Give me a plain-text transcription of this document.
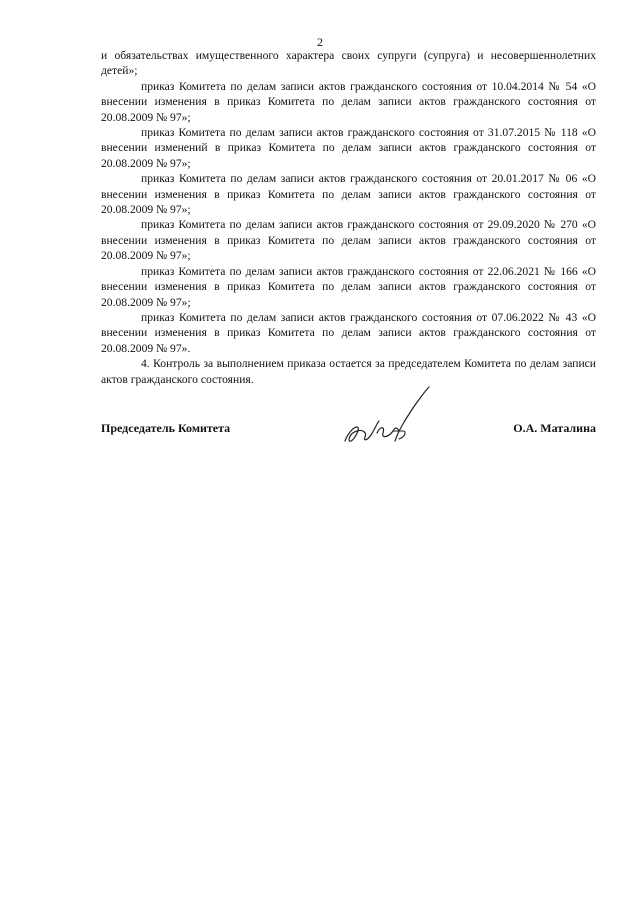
2

и обязательствах имущественного характера своих супруги (супруга) и несовершеннолетних детей»;

приказ Комитета по делам записи актов гражданского состояния от 10.04.2014 № 54 «О внесении изменения в приказ Комитета по делам записи актов гражданского состояния от 20.08.2009 № 97»;

приказ Комитета по делам записи актов гражданского состояния от 31.07.2015 № 118 «О внесении изменений в приказ Комитета по делам записи актов гражданского состояния от 20.08.2009 № 97»;

приказ Комитета по делам записи актов гражданского состояния от 20.01.2017 № 06 «О внесении изменения в приказ Комитета по делам записи актов гражданского состояния от 20.08.2009 № 97»;

приказ Комитета по делам записи актов гражданского состояния от 29.09.2020 № 270 «О внесении изменения в приказ Комитета по делам записи актов гражданского состояния от 20.08.2009 № 97»;

приказ Комитета по делам записи актов гражданского состояния от 22.06.2021 № 166 «О внесении изменения в приказ Комитета по делам записи актов гражданского состояния от 20.08.2009 № 97»;

приказ Комитета по делам записи актов гражданского состояния от 07.06.2022 № 43 «О внесении изменения в приказ Комитета по делам записи актов гражданского состояния от 20.08.2009 № 97».

4. Контроль за выполнением приказа остается за председателем Комитета по делам записи актов гражданского состояния.

Председатель Комитета	О.А. Маталина
